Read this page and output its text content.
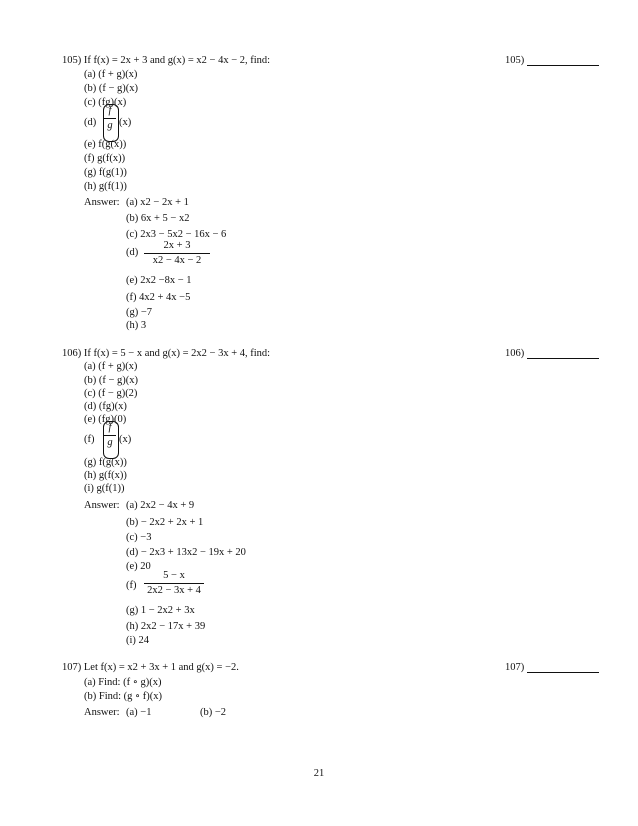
105) If f(x) = 2x + 3 and g(x) = x2 − 4x − 2, find:	105)
(a) (f + g)(x)
(b) (f − g)(x)
(c) (fg)(x)
(d)
f
g (x)
(e) f(g(x))
(f) g(f(x))
(g) f(g(1))
(h) g(f(1))
Answer: (a) x2 − 2x + 1
(b) 6x + 5 − x2
(c) 2x3 − 5x2 − 16x − 6
(d)
2x + 3
x2 − 4x − 2
(e) 2x2 −8x − 1
(f) 4x2 + 4x −5
(g) −7
(h) 3
106) If f(x) = 5 − x and g(x) = 2x2 − 3x + 4, find:	106)
(a) (f + g)(x)
(b) (f − g)(x)
(c) (f − g)(2)
(d) (fg)(x)
(e) (fg)(0)
(f)
f
g (x)
(g) f(g(x))
(h) g(f(x))
(i) g(f(1))
Answer: (a) 2x2 − 4x + 9
(b) − 2x2 + 2x + 1
(c) −3
(d) − 2x3 + 13x2 − 19x + 20
(e) 20
(f)
5 − x
2x2 − 3x + 4
(g) 1 − 2x2 + 3x
(h) 2x2 − 17x + 39
(i) 24
107) Let f(x) = x2 + 3x + 1 and g(x) = −2.	107)
(a) Find: (f ∘ g)(x)
(b) Find: (g ∘ f)(x)
Answer: (a) −1	(b) −2
21
